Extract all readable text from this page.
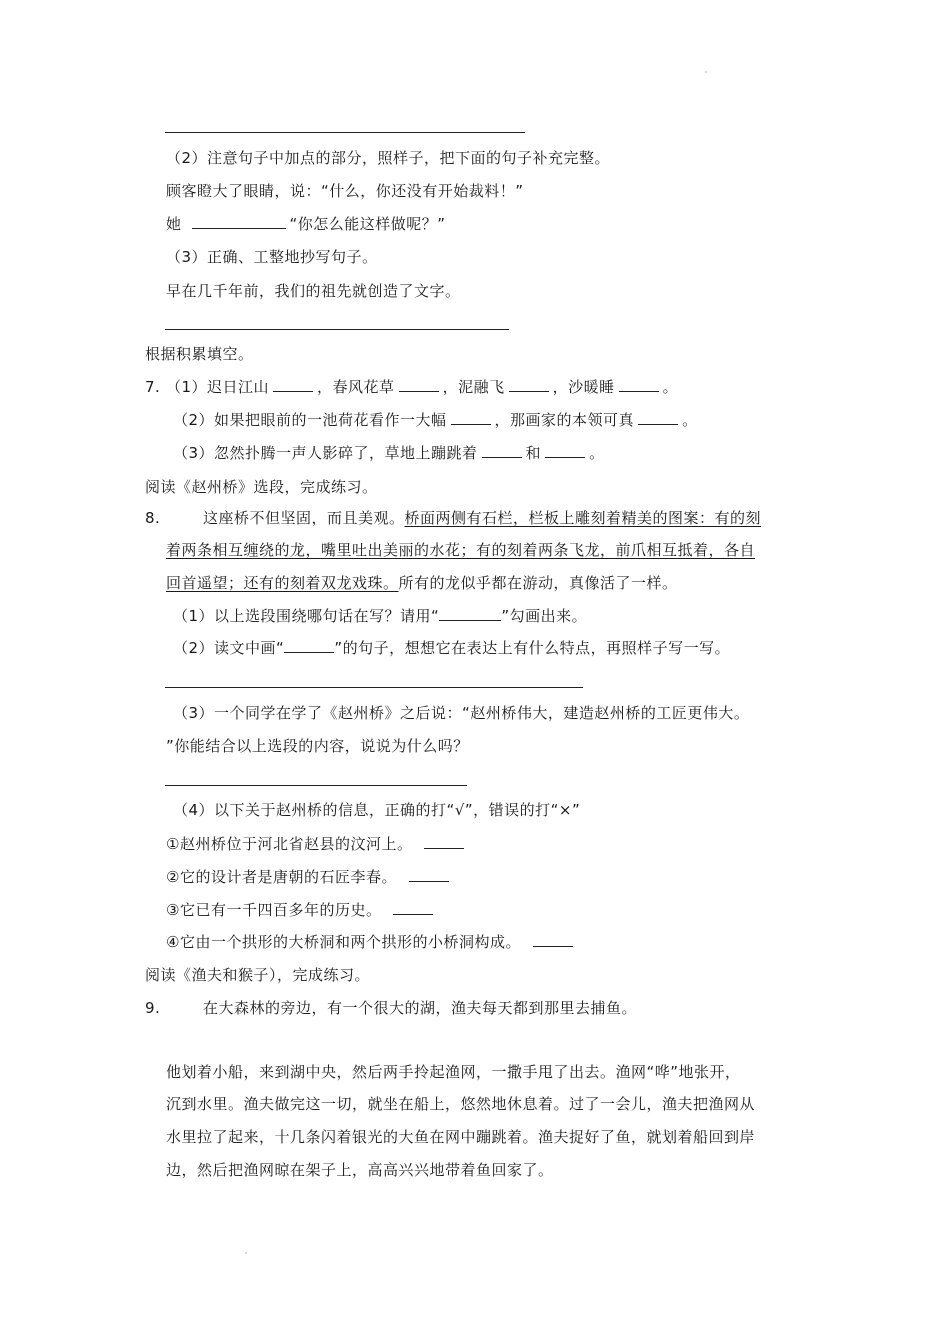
（2）注意句子中加点的部分，照样子，把下面的句子补充完整。
顾客瞪大了眼睛，说：“什么，你还没有开始裁料！”
她	“你怎么能这样做呢？”
（3）正确、工整地抄写句子。
早在几千年前，我们的祖先就创造了文字。
根据积累填空。
7. （1）迟日江山	，春风花草	，泥融飞	，沙暖睡	。
（2）如果把眼前的一池荷花看作一大幅	，那画家的本领可真	。
（3）忽然扑腾一声人影碎了，草地上蹦跳着	和	。
阅读《赵州桥》选段，完成练习。
8.	这座桥不但坚固，而且美观。桥面两侧有石栏，栏板上雕刻着精美的图案：有的刻
着两条相互缠绕的龙，嘴里吐出美丽的水花；有的刻着两条飞龙，前爪相互抵着，各自
回首遥望；还有的刻着双龙戏珠。所有的龙似乎都在游动，真像活了一样。
（1）以上选段围绕哪句话在写？请用“	”勾画出来。
（2）读文中画“	”的句子，想想它在表达上有什么特点，再照样子写一写。
（3）一个同学在学了《赵州桥》之后说：“赵州桥伟大，建造赵州桥的工匠更伟大。
”你能结合以上选段的内容，说说为什么吗？
（4）以下关于赵州桥的信息，正确的打“√”，错误的打“×”
①赵州桥位于河北省赵县的汶河上。
②它的设计者是唐朝的石匠李春。
③它已有一千四百多年的历史。
④它由一个拱形的大桥洞和两个拱形的小桥洞构成。
阅读《渔夫和猴子），完成练习。
9.	在大森林的旁边，有一个很大的湖，渔夫每天都到那里去捕鱼。
他划着小船，来到湖中央，然后两手拎起渔网，一撒手甩了出去。渔网“哗”地张开，
沉到水里。渔夫做完这一切，就坐在船上，悠然地休息着。过了一会儿，渔夫把渔网从
水里拉了起来，十几条闪着银光的大鱼在网中蹦跳着。渔夫捉好了鱼，就划着船回到岸
边，然后把渔网晾在架子上，高高兴兴地带着鱼回家了。
